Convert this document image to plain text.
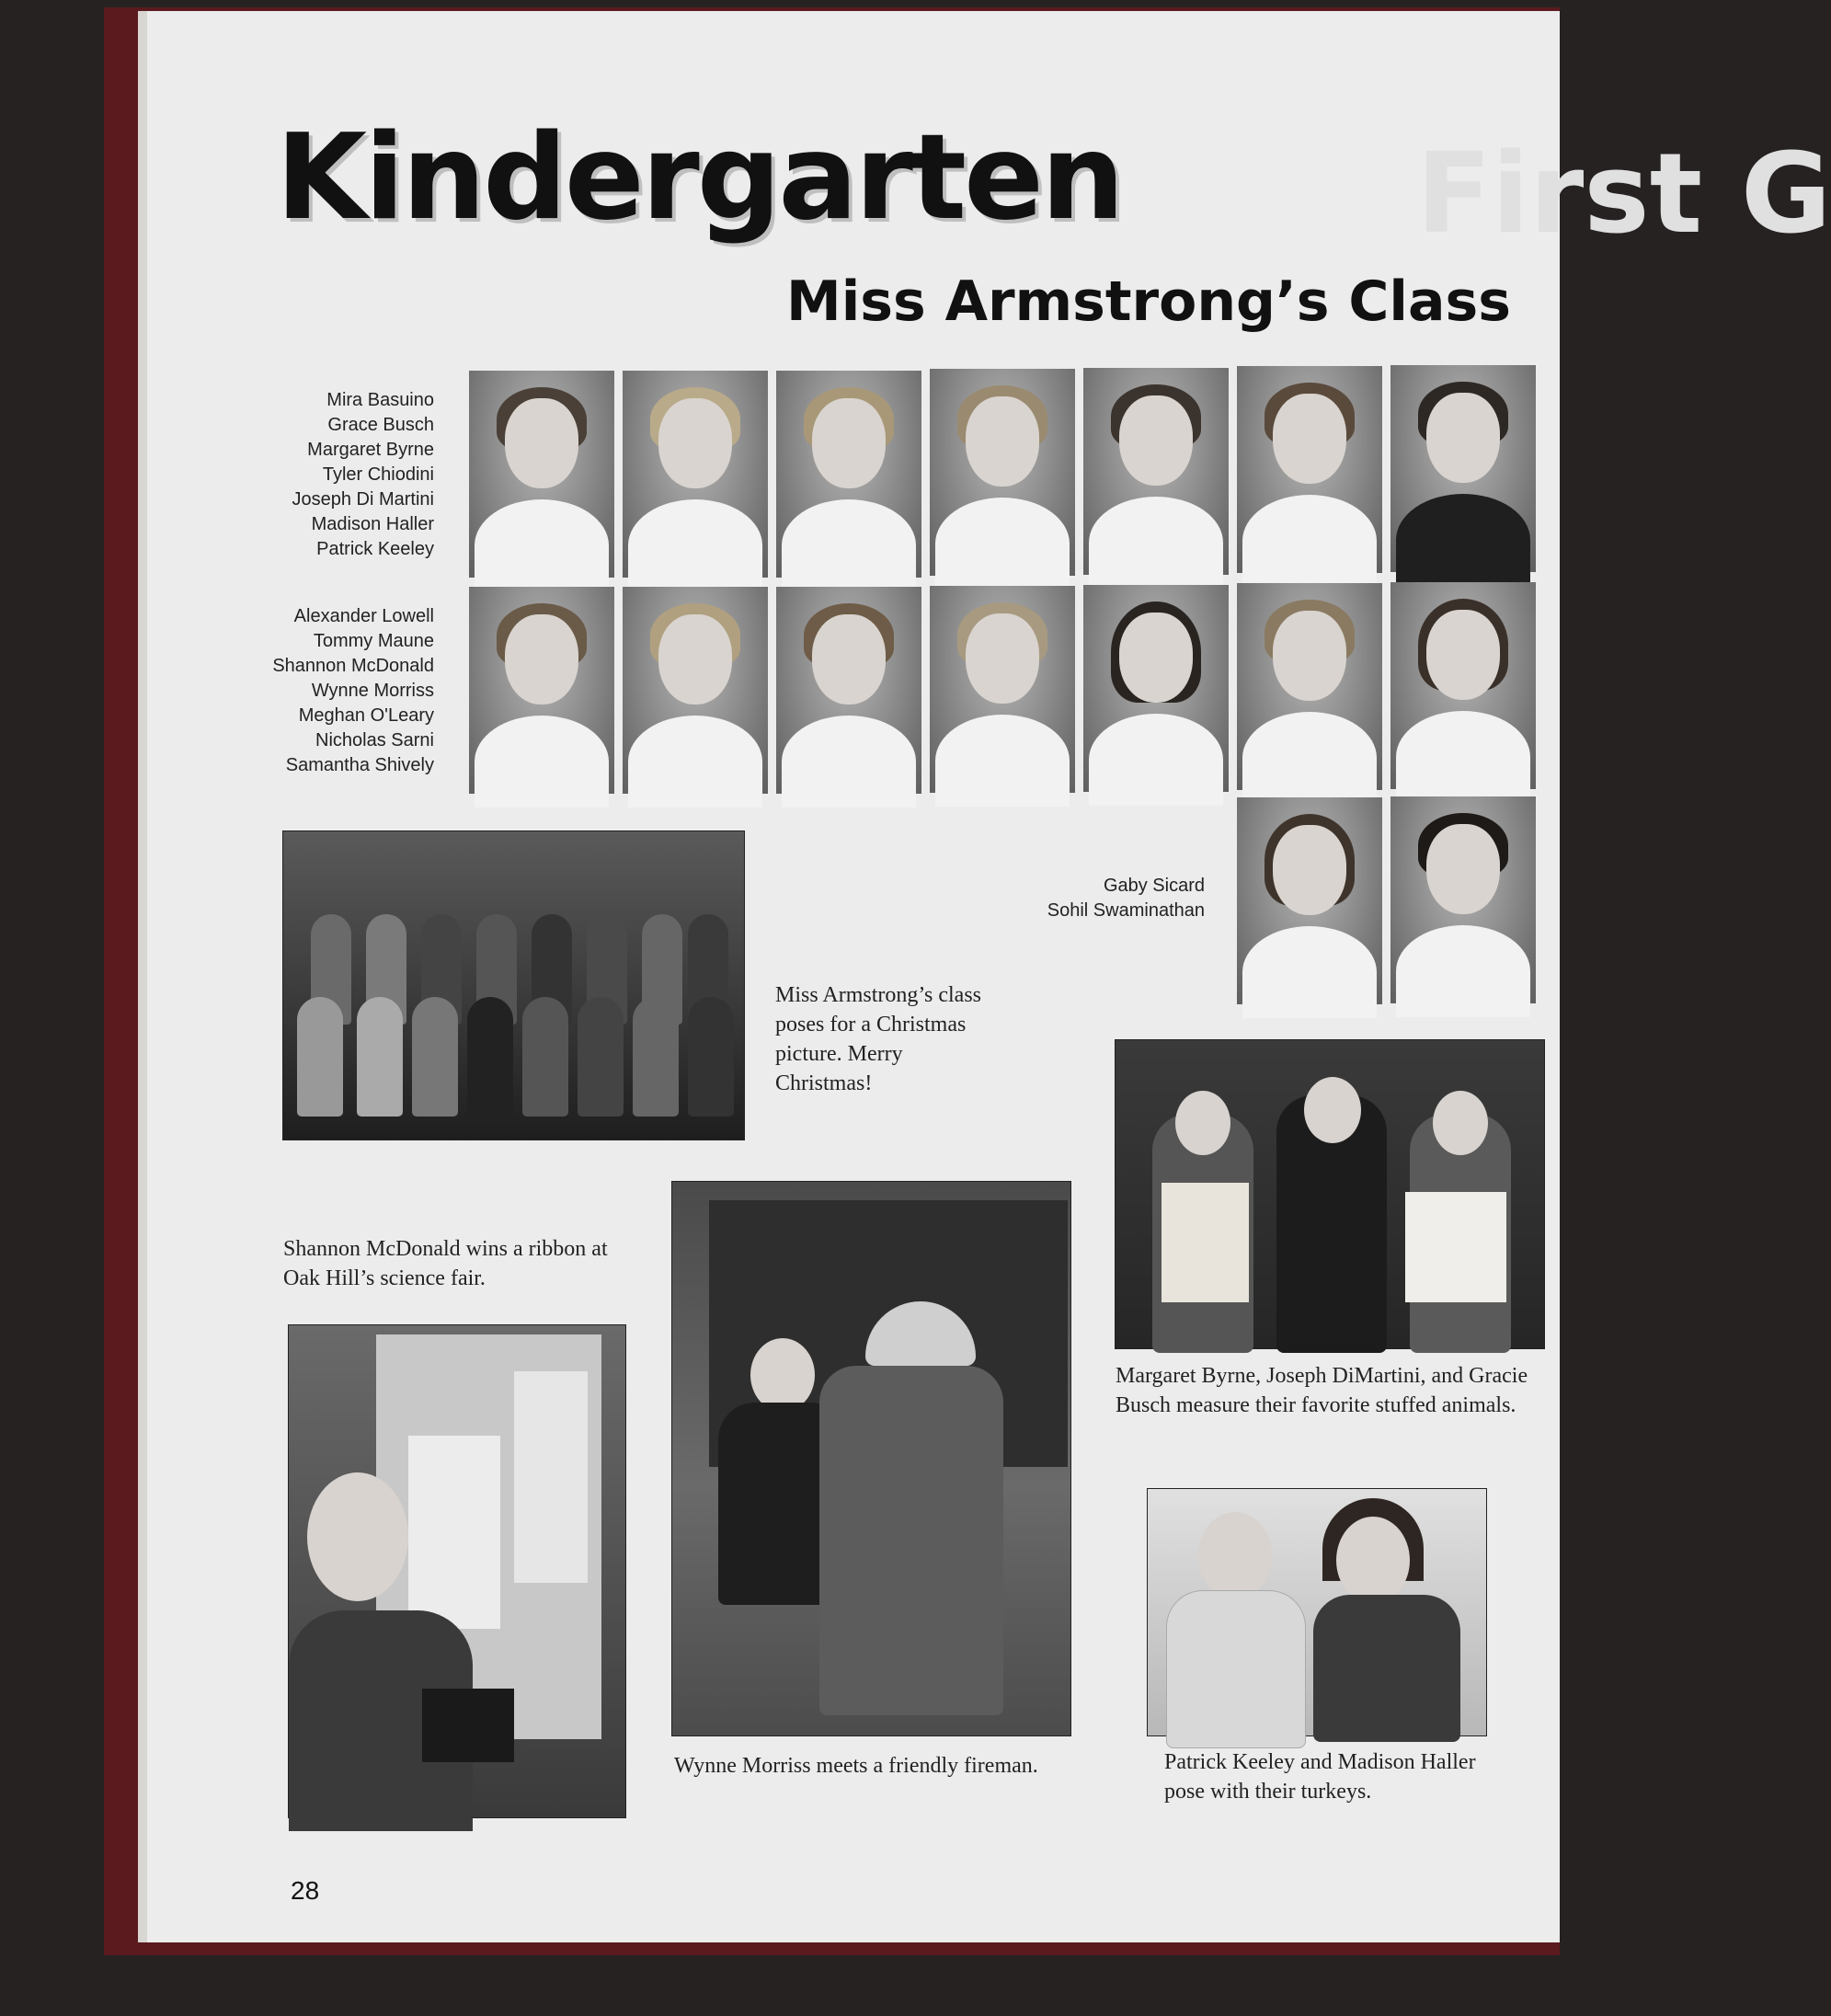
First G
Kindergarten
Miss Armstrong’s Class
Mira Basuino
Grace Busch
Margaret Byrne
Tyler Chiodini
Joseph Di Martini
Madison Haller
Patrick Keeley
Alexander Lowell
Tommy Maune
Shannon McDonald
Wynne Morriss
Meghan O'Leary
Nicholas Sarni
Samantha Shively
Gaby Sicard
Sohil Swaminathan
Miss Armstrong’s class poses for a Christmas picture. Merry Christmas!
Margaret Byrne, Joseph DiMartini, and Gracie Busch measure their favorite stuffed animals.
Shannon McDonald wins a ribbon at Oak Hill’s science fair.
Wynne Morriss meets a friendly fireman.	Patrick Keeley and Madison Haller pose with their turkeys.
28
